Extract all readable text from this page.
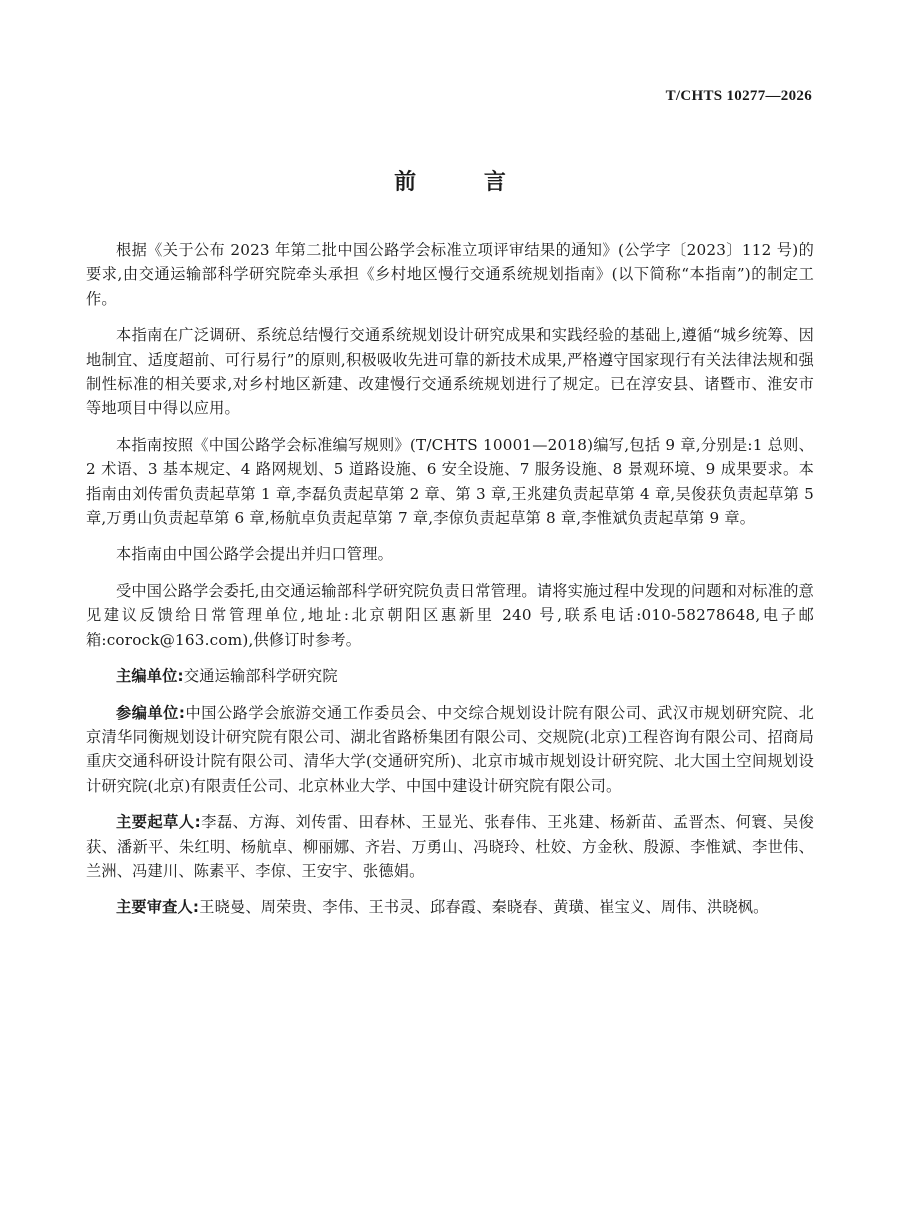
T/CHTS 10277—2026
前 言

根据《关于公布 2023 年第二批中国公路学会标准立项评审结果的通知》(公学字〔2023〕112 号)的要求,由交通运输部科学研究院牵头承担《乡村地区慢行交通系统规划指南》(以下简称“本指南”)的制定工作。

本指南在广泛调研、系统总结慢行交通系统规划设计研究成果和实践经验的基础上,遵循“城乡统筹、因地制宜、适度超前、可行易行”的原则,积极吸收先进可靠的新技术成果,严格遵守国家现行有关法律法规和强制性标准的相关要求,对乡村地区新建、改建慢行交通系统规划进行了规定。已在淳安县、诸暨市、淮安市等地项目中得以应用。

本指南按照《中国公路学会标准编写规则》(T/CHTS 10001—2018)编写,包括 9 章,分别是:1 总则、2 术语、3 基本规定、4 路网规划、5 道路设施、6 安全设施、7 服务设施、8 景观环境、9 成果要求。本指南由刘传雷负责起草第 1 章,李磊负责起草第 2 章、第 3 章,王兆建负责起草第 4 章,吴俊获负责起草第 5 章,万勇山负责起草第 6 章,杨航卓负责起草第 7 章,李倞负责起草第 8 章,李惟斌负责起草第 9 章。

本指南由中国公路学会提出并归口管理。

受中国公路学会委托,由交通运输部科学研究院负责日常管理。请将实施过程中发现的问题和对标准的意见建议反馈给日常管理单位,地址:北京朝阳区惠新里 240 号,联系电话:010-58278648,电子邮箱:corock@163.com),供修订时参考。

主编单位:交通运输部科学研究院

参编单位:中国公路学会旅游交通工作委员会、中交综合规划设计院有限公司、武汉市规划研究院、北京清华同衡规划设计研究院有限公司、湖北省路桥集团有限公司、交规院(北京)工程咨询有限公司、招商局重庆交通科研设计院有限公司、清华大学(交通研究所)、北京市城市规划设计研究院、北大国土空间规划设计研究院(北京)有限责任公司、北京林业大学、中国中建设计研究院有限公司。

主要起草人:李磊、方海、刘传雷、田春林、王显光、张春伟、王兆建、杨新苗、孟晋杰、何寰、吴俊获、潘新平、朱红明、杨航卓、柳丽娜、齐岩、万勇山、冯晓玲、杜姣、方金秋、殷源、李惟斌、李世伟、兰洲、冯建川、陈素平、李倞、王安宇、张德娟。

主要审查人:王晓曼、周荣贵、李伟、王书灵、邱春霞、秦晓春、黄璜、崔宝义、周伟、洪晓枫。
